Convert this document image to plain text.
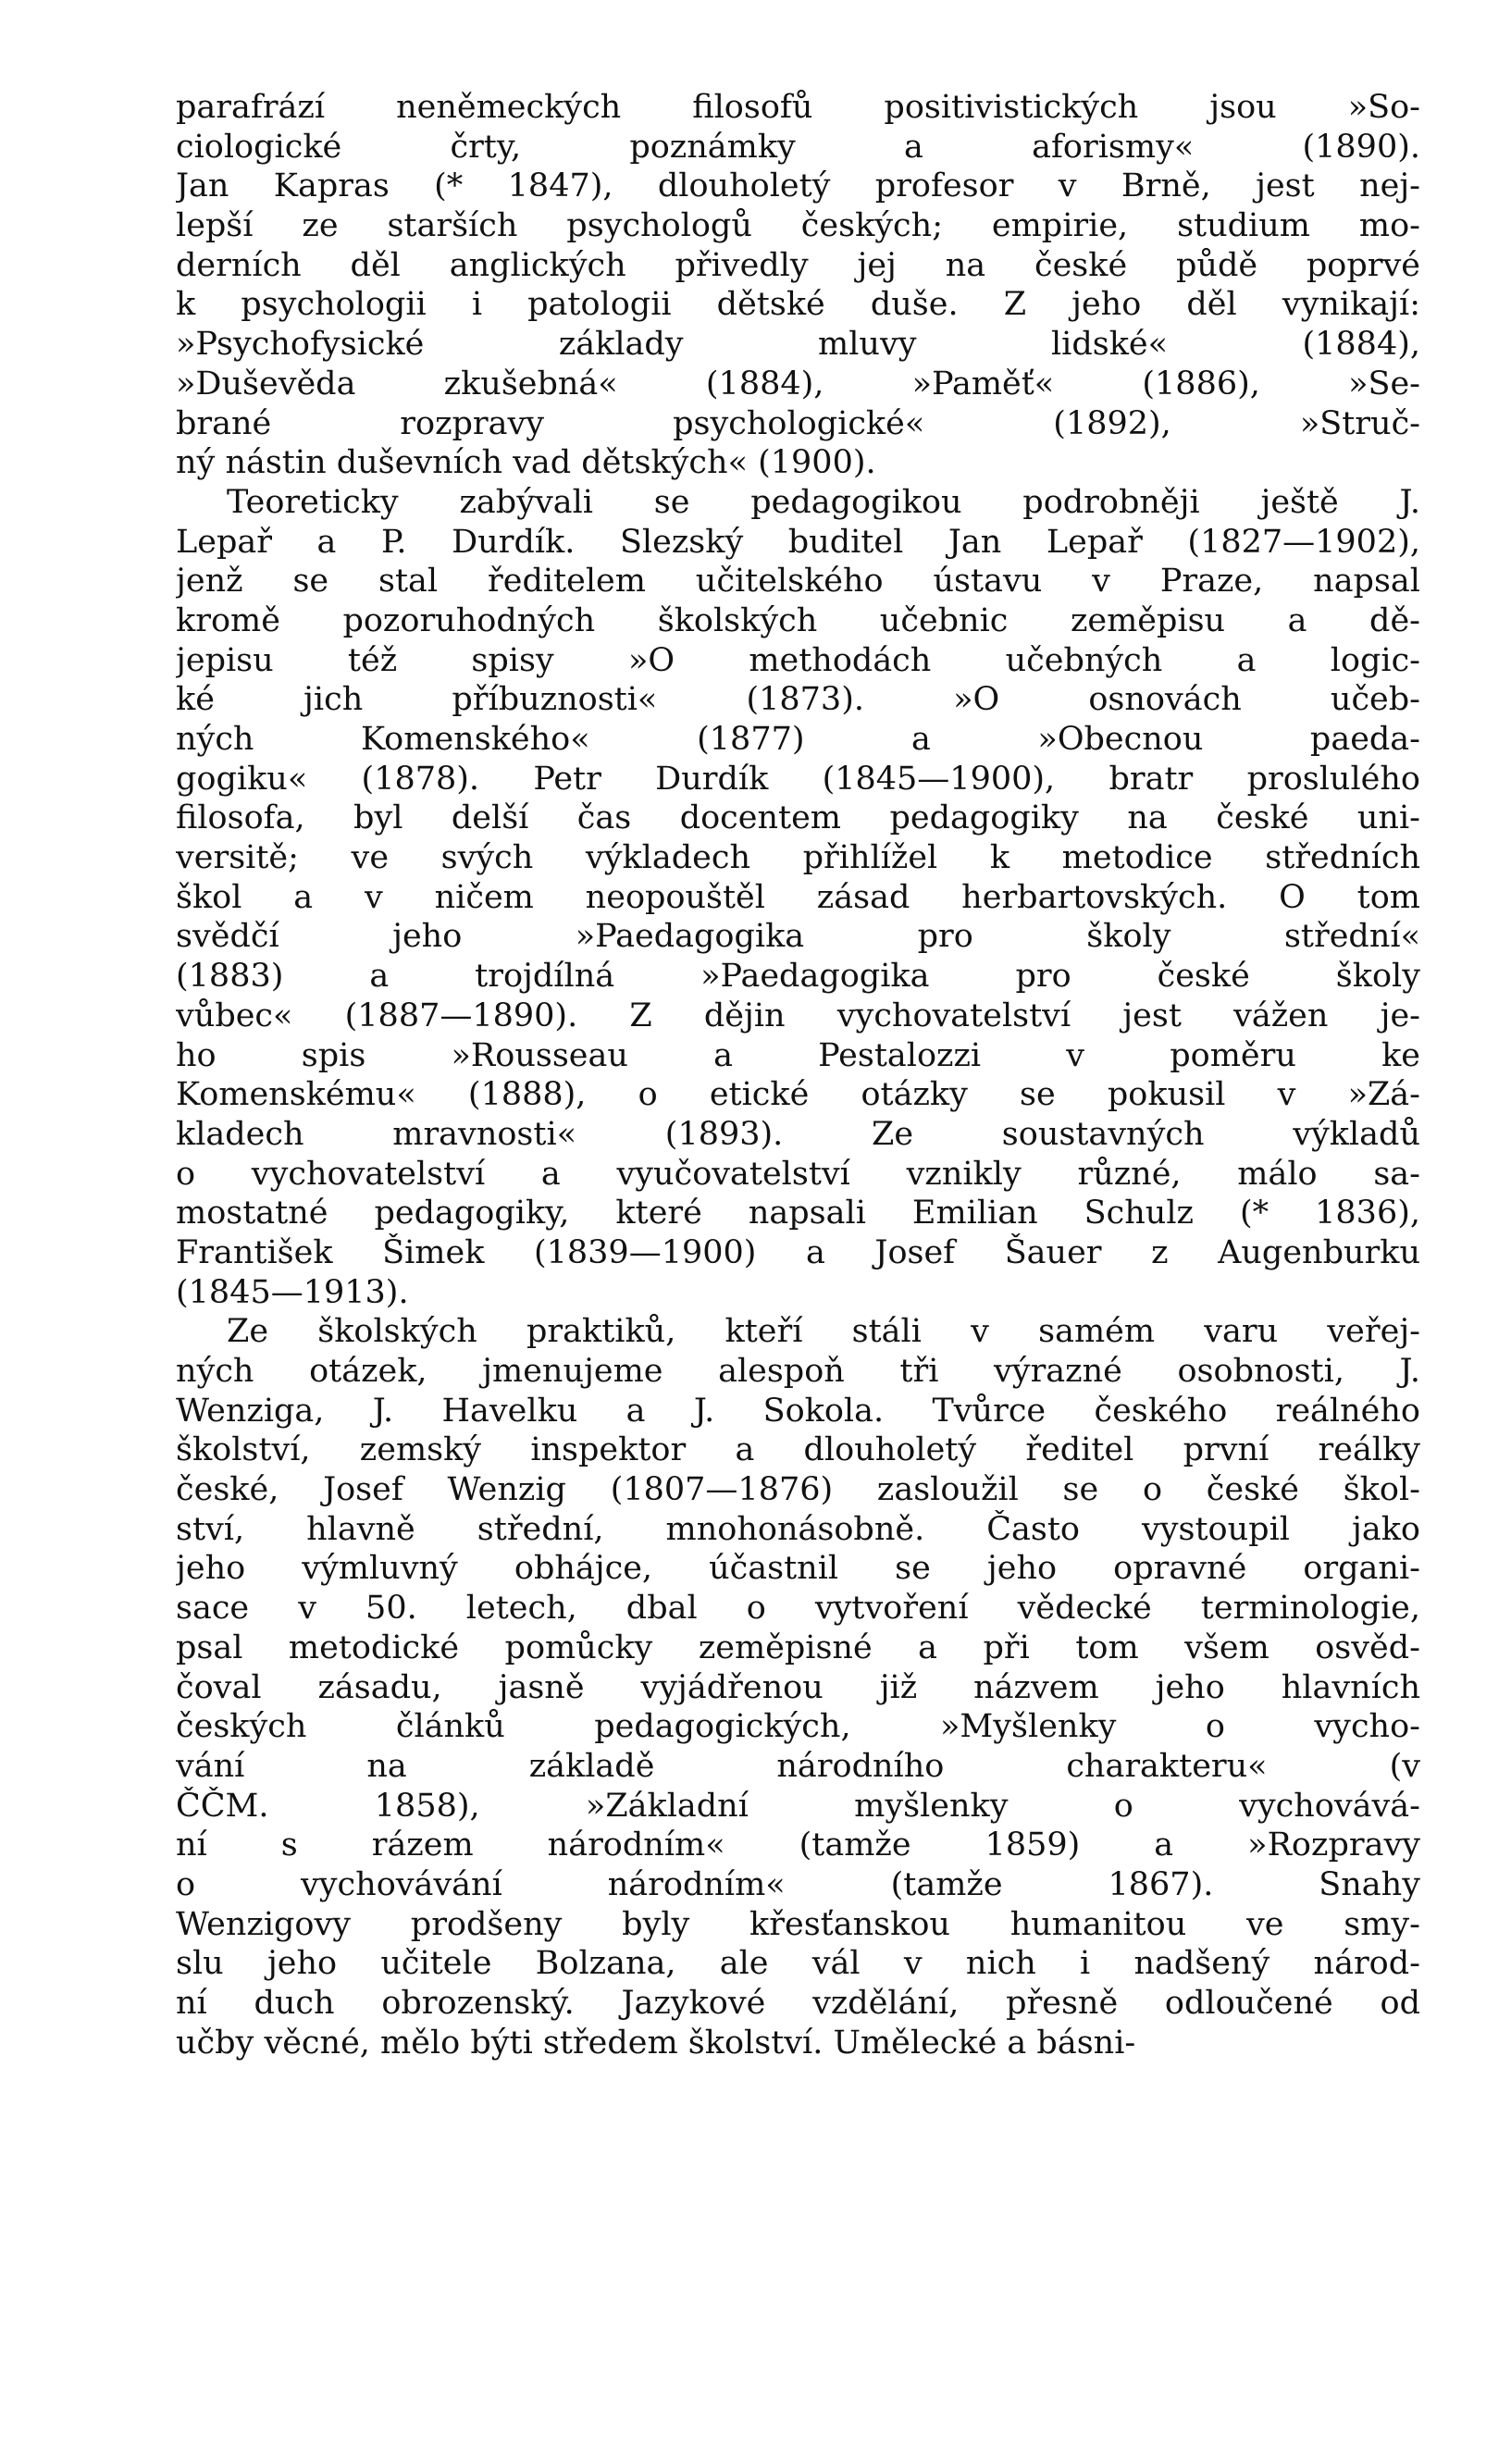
parafrází neněmeckých filosofů positivistických jsou »So-
ciologické črty, poznámky a aforismy« (1890).
Jan Kapras (* 1847), dlouholetý profesor v Brně, jest nej-
lepší ze starších psychologů českých; empirie, studium mo-
derních děl anglických přivedly jej na české půdě poprvé
k psychologii i patologii dětské duše. Z jeho děl vynikají:
»Psychofysické základy mluvy lidské« (1884),
»Duševěda zkušebná« (1884), »Paměť« (1886), »Se-
brané rozpravy psychologické« (1892), »Struč-
ný nástin duševních vad dětských« (1900).
Teoreticky zabývali se pedagogikou podrobněji ještě J.
Lepař a P. Durdík. Slezský buditel Jan Lepař (1827—1902),
jenž se stal ředitelem učitelského ústavu v Praze, napsal
kromě pozoruhodných školských učebnic zeměpisu a dě-
jepisu též spisy »O methodách učebných a logic-
ké jich příbuznosti« (1873). »O osnovách učeb-
ných Komenského« (1877) a »Obecnou paeda-
gogiku« (1878). Petr Durdík (1845—1900), bratr proslulého
filosofa, byl delší čas docentem pedagogiky na české uni-
versitě; ve svých výkladech přihlížel k metodice středních
škol a v ničem neopouštěl zásad herbartovských. O tom
svědčí jeho »Paedagogika pro školy střední«
(1883) a trojdílná »Paedagogika pro české školy
vůbec« (1887—1890). Z dějin vychovatelství jest vážen je-
ho spis »Rousseau a Pestalozzi v poměru ke
Komenskému« (1888), o etické otázky se pokusil v »Zá-
kladech mravnosti« (1893). Ze soustavných výkladů
o vychovatelství a vyučovatelství vznikly různé, málo sa-
mostatné pedagogiky, které napsali Emilian Schulz (* 1836),
František Šimek (1839—1900) a Josef Šauer z Augenburku
(1845—1913).
Ze školských praktiků, kteří stáli v samém varu veřej-
ných otázek, jmenujeme alespoň tři výrazné osobnosti, J.
Wenziga, J. Havelku a J. Sokola. Tvůrce českého reálného
školství, zemský inspektor a dlouholetý ředitel první reálky
české, Josef Wenzig (1807—1876) zasloužil se o české škol-
ství, hlavně střední, mnohonásobně. Často vystoupil jako
jeho výmluvný obhájce, účastnil se jeho opravné organi-
sace v 50. letech, dbal o vytvoření vědecké terminologie,
psal metodické pomůcky zeměpisné a při tom všem osvěd-
čoval zásadu, jasně vyjádřenou již názvem jeho hlavních
českých článků pedagogických, »Myšlenky o vycho-
vání na základě národního charakteru« (v
ČČM. 1858), »Základní myšlenky o vychovává-
ní s rázem národním« (tamže 1859) a »Rozpravy
o vychovávání národním« (tamže 1867). Snahy
Wenzigovy prodšeny byly křesťanskou humanitou ve smy-
slu jeho učitele Bolzana, ale vál v nich i nadšený národ-
ní duch obrozenský. Jazykové vzdělání, přesně odloučené od
učby věcné, mělo býti středem školství. Umělecké a básni-
